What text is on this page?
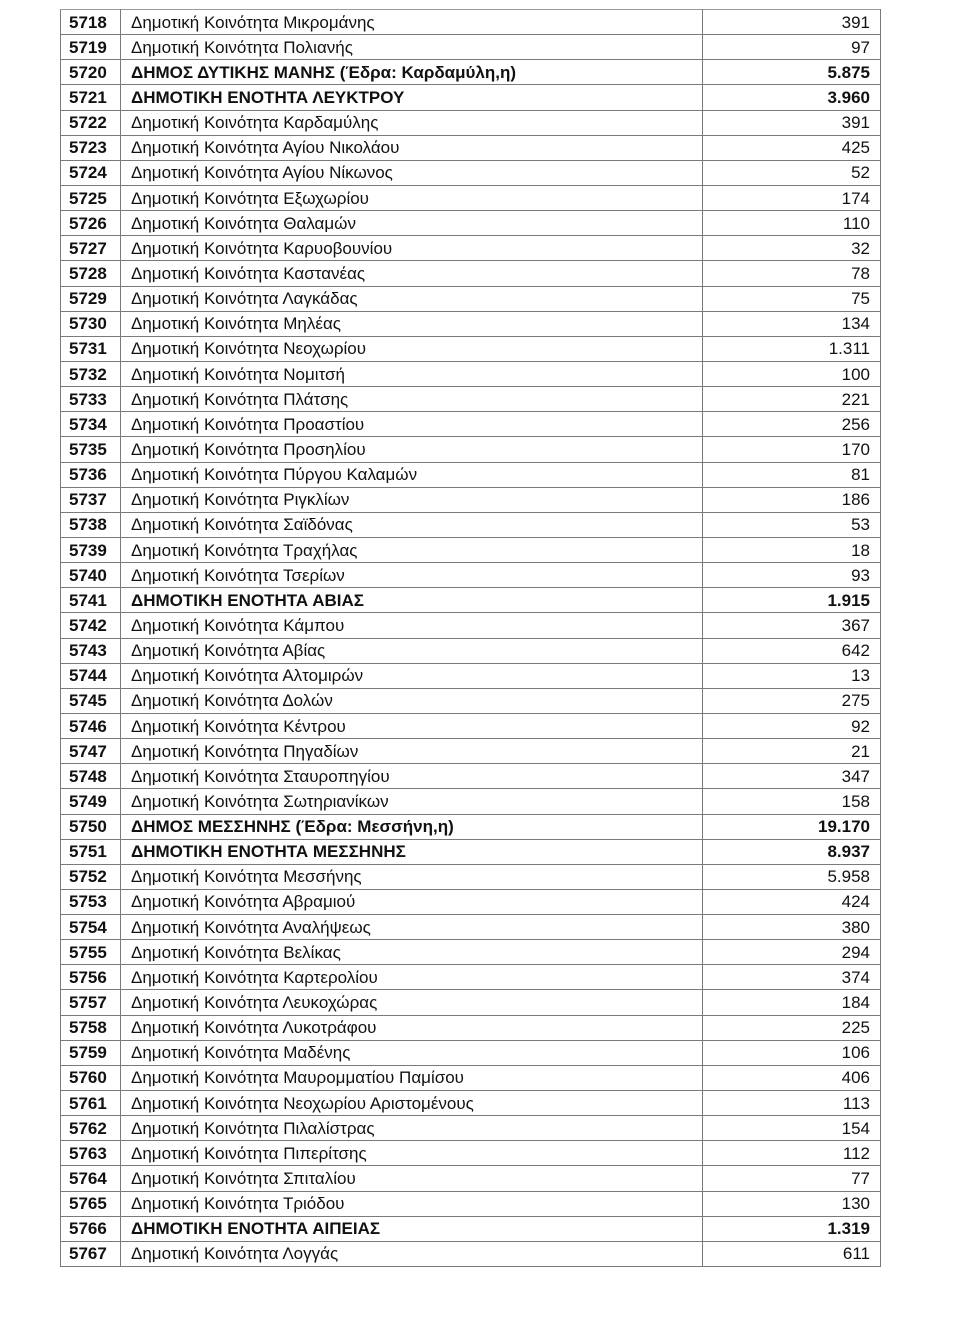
5718	Δημοτική Κοινότητα Μικρομάνης	391
5719	Δημοτική Κοινότητα Πολιανής	97
5720	ΔΗΜΟΣ ΔΥΤΙΚΗΣ ΜΑΝΗΣ (Έδρα: Καρδαμύλη,η)	5.875
5721	ΔΗΜΟΤΙΚΗ ΕΝΟΤΗΤΑ ΛΕΥΚΤΡΟΥ	3.960
5722	Δημοτική Κοινότητα Καρδαμύλης	391
5723	Δημοτική Κοινότητα Αγίου Νικολάου	425
5724	Δημοτική Κοινότητα Αγίου Νίκωνος	52
5725	Δημοτική Κοινότητα Εξωχωρίου	174
5726	Δημοτική Κοινότητα Θαλαμών	110
5727	Δημοτική Κοινότητα Καρυοβουνίου	32
5728	Δημοτική Κοινότητα Καστανέας	78
5729	Δημοτική Κοινότητα Λαγκάδας	75
5730	Δημοτική Κοινότητα Μηλέας	134
5731	Δημοτική Κοινότητα Νεοχωρίου	1.311
5732	Δημοτική Κοινότητα Νομιτσή	100
5733	Δημοτική Κοινότητα Πλάτσης	221
5734	Δημοτική Κοινότητα Προαστίου	256
5735	Δημοτική Κοινότητα Προσηλίου	170
5736	Δημοτική Κοινότητα Πύργου Καλαμών	81
5737	Δημοτική Κοινότητα Ριγκλίων	186
5738	Δημοτική Κοινότητα Σαϊδόνας	53
5739	Δημοτική Κοινότητα Τραχήλας	18
5740	Δημοτική Κοινότητα Τσερίων	93
5741	ΔΗΜΟΤΙΚΗ ΕΝΟΤΗΤΑ ΑΒΙΑΣ	1.915
5742	Δημοτική Κοινότητα Κάμπου	367
5743	Δημοτική Κοινότητα Αβίας	642
5744	Δημοτική Κοινότητα Αλτομιρών	13
5745	Δημοτική Κοινότητα Δολών	275
5746	Δημοτική Κοινότητα Κέντρου	92
5747	Δημοτική Κοινότητα Πηγαδίων	21
5748	Δημοτική Κοινότητα Σταυροπηγίου	347
5749	Δημοτική Κοινότητα Σωτηριανίκων	158
5750	ΔΗΜΟΣ ΜΕΣΣΗΝΗΣ (Έδρα: Μεσσήνη,η)	19.170
5751	ΔΗΜΟΤΙΚΗ ΕΝΟΤΗΤΑ ΜΕΣΣΗΝΗΣ	8.937
5752	Δημοτική Κοινότητα Μεσσήνης	5.958
5753	Δημοτική Κοινότητα Αβραμιού	424
5754	Δημοτική Κοινότητα Αναλήψεως	380
5755	Δημοτική Κοινότητα Βελίκας	294
5756	Δημοτική Κοινότητα Καρτερολίου	374
5757	Δημοτική Κοινότητα Λευκοχώρας	184
5758	Δημοτική Κοινότητα Λυκοτράφου	225
5759	Δημοτική Κοινότητα Μαδένης	106
5760	Δημοτική Κοινότητα Μαυρομματίου Παμίσου	406
5761	Δημοτική Κοινότητα Νεοχωρίου Αριστομένους	113
5762	Δημοτική Κοινότητα Πιλαλίστρας	154
5763	Δημοτική Κοινότητα Πιπερίτσης	112
5764	Δημοτική Κοινότητα Σπιταλίου	77
5765	Δημοτική Κοινότητα Τριόδου	130
5766	ΔΗΜΟΤΙΚΗ ΕΝΟΤΗΤΑ ΑΙΠΕΙΑΣ	1.319
5767	Δημοτική Κοινότητα Λογγάς	611
